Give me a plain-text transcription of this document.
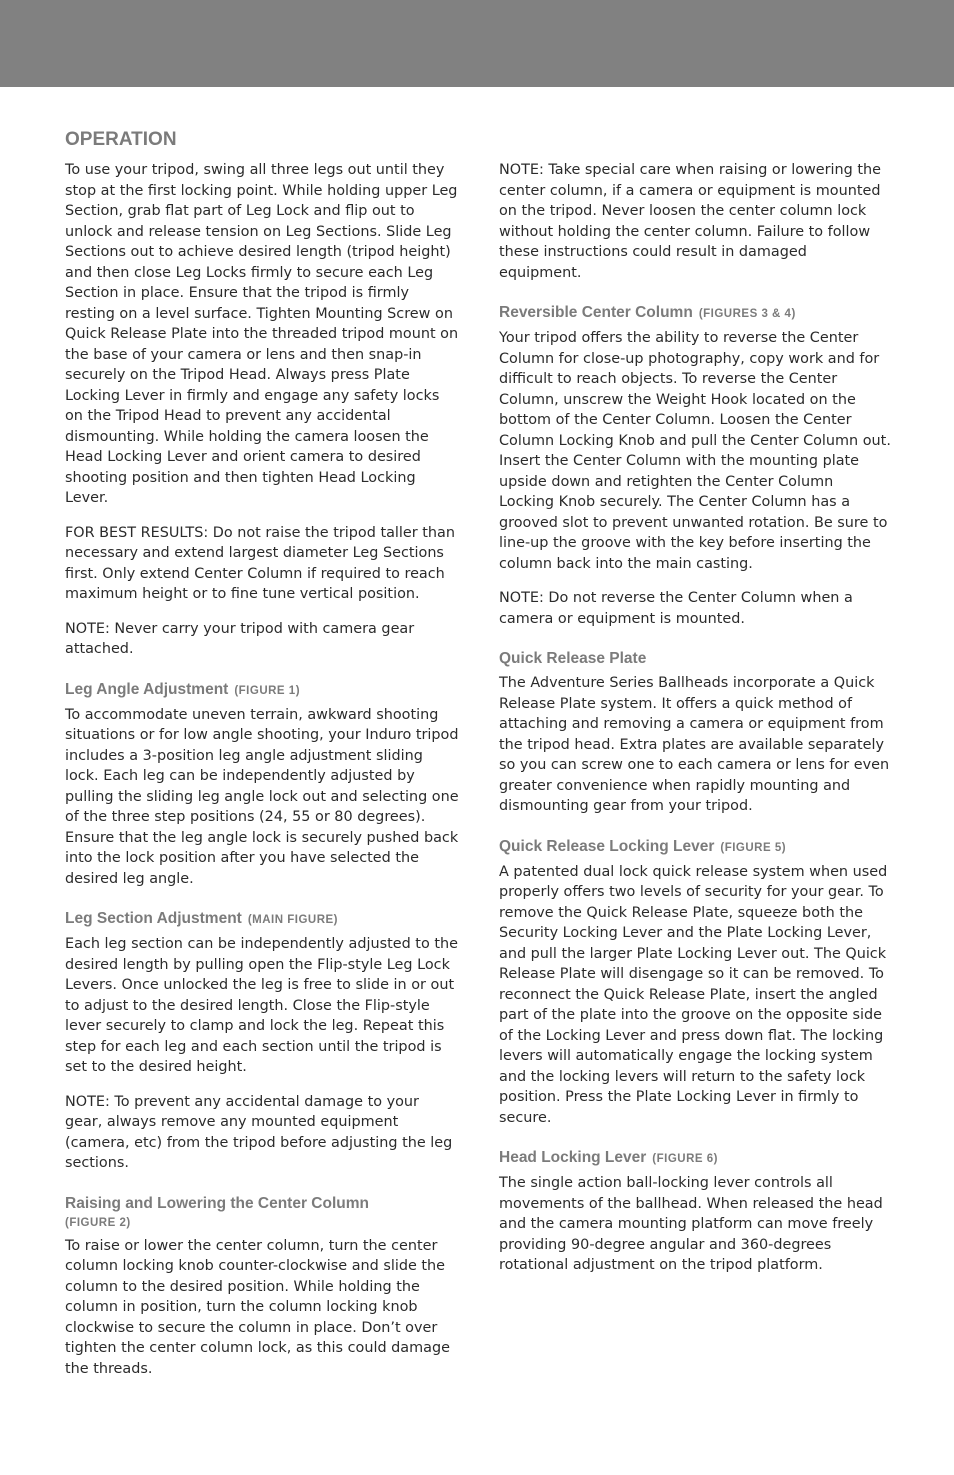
OPERATION

To use your tripod, swing all three legs out until they stop at the first locking point. While holding upper Leg Section, grab flat part of Leg Lock and flip out to unlock and release tension on Leg Sections. Slide Leg Sections out to achieve desired length (tripod height) and then close Leg Locks firmly to secure each Leg Section in place. Ensure that the tripod is firmly resting on a level surface. Tighten Mounting Screw on Quick Release Plate into the threaded tripod mount on the base of your camera or lens and then snap-in securely on the Tripod Head. Always press Plate Locking Lever in firmly and engage any safety locks on the Tripod Head to prevent any accidental dismounting. While holding the camera loosen the Head Locking Lever and orient camera to desired shooting position and then tighten Head Locking Lever.

FOR BEST RESULTS: Do not raise the tripod taller than necessary and extend largest diameter Leg Sections first. Only extend Center Column if required to reach maximum height or to fine tune vertical position.

NOTE: Never carry your tripod with camera gear attached.

Leg Angle Adjustment (FIGURE 1)

To accommodate uneven terrain, awkward shooting situations or for low angle shooting, your Induro tripod includes a 3-position leg angle adjustment sliding lock. Each leg can be independently adjusted by pulling the sliding leg angle lock out and selecting one of the three step positions (24, 55 or 80 degrees). Ensure that the leg angle lock is securely pushed back into the lock position after you have selected the desired leg angle.

Leg Section Adjustment (MAIN FIGURE)

Each leg section can be independently adjusted to the desired length by pulling open the Flip-style Leg Lock Levers. Once unlocked the leg is free to slide in or out to adjust to the desired length. Close the Flip-style lever securely to clamp and lock the leg. Repeat this step for each leg and each section until the tripod is set to the desired height.

NOTE: To prevent any accidental damage to your gear, always remove any mounted equipment (camera, etc) from the tripod before adjusting the leg sections.

Raising and Lowering the Center Column
(FIGURE 2)

To raise or lower the center column, turn the center column locking knob counter-clockwise and slide the column to the desired position. While holding the column in position, turn the column locking knob clockwise to secure the column in place. Don’t over tighten the center column lock, as this could damage the threads.

NOTE: Take special care when raising or lowering the center column, if a camera or equipment is mounted on the tripod. Never loosen the center column lock without holding the center column. Failure to follow these instructions could result in damaged equipment.

Reversible Center Column (FIGURES 3 & 4)

Your tripod offers the ability to reverse the Center Column for close-up photography, copy work and for difficult to reach objects. To reverse the Center Column, unscrew the Weight Hook located on the bottom of the Center Column. Loosen the Center Column Locking Knob and pull the Center Column out. Insert the Center Column with the mounting plate upside down and retighten the Center Column Locking Knob securely. The Center Column has a grooved slot to prevent unwanted rotation. Be sure to line-up the groove with the key before inserting the column back into the main casting.

NOTE: Do not reverse the Center Column when a camera or equipment is mounted.

Quick Release Plate

The Adventure Series Ballheads incorporate a Quick Release Plate system. It offers a quick method of attaching and removing a camera or equipment from the tripod head. Extra plates are available separately so you can screw one to each camera or lens for even greater convenience when rapidly mounting and dismounting gear from your tripod.

Quick Release Locking Lever (FIGURE 5)

A patented dual lock quick release system when used properly offers two levels of security for your gear. To remove the Quick Release Plate, squeeze both the Security Locking Lever and the Plate Locking Lever, and pull the larger Plate Locking Lever out. The Quick Release Plate will disengage so it can be removed. To reconnect the Quick Release Plate, insert the angled part of the plate into the groove on the opposite side of the Locking Lever and press down flat. The locking levers will automatically engage the locking system and the locking levers will return to the safety lock position. Press the Plate Locking Lever in firmly to secure.

Head Locking Lever (FIGURE 6)

The single action ball-locking lever controls all movements of the ballhead. When released the head and the camera mounting platform can move freely providing 90-degree angular and 360-degrees rotational adjustment on the tripod platform.
